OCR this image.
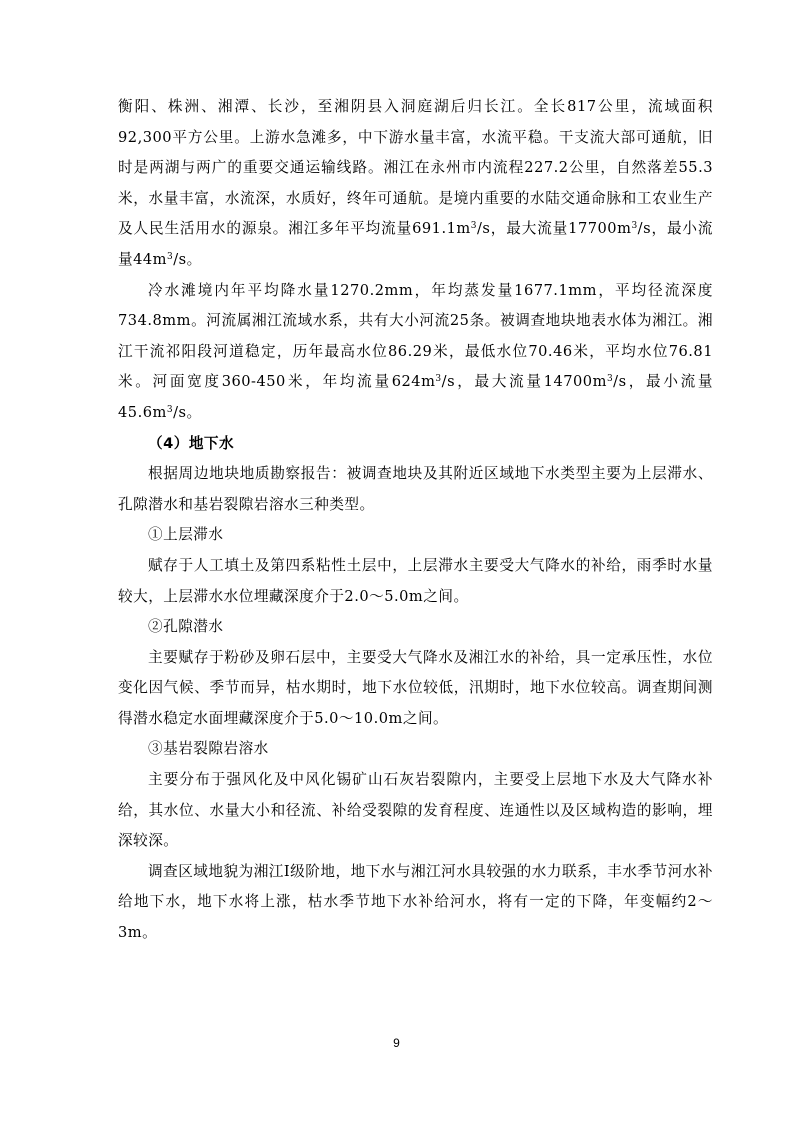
衡阳、株洲、湘潭、长沙，至湘阴县入洞庭湖后归长江。全长817公里，流域面积92,300平方公里。上游水急滩多，中下游水量丰富，水流平稳。干支流大部可通航，旧时是两湖与两广的重要交通运输线路。湘江在永州市内流程227.2公里，自然落差55.3米，水量丰富，水流深，水质好，终年可通航。是境内重要的水陆交通命脉和工农业生产及人民生活用水的源泉。湘江多年平均流量$691.1m^3/s$，最大流量$17700m^3/s$，最小流量$44m^3/s$。

冷水滩境内年平均降水量1270.2mm，年均蒸发量1677.1mm，平均径流深度734.8mm。河流属湘江流域水系，共有大小河流25条。被调查地块地表水体为湘江。湘江干流祁阳段河道稳定，历年最高水位86.29米，最低水位70.46米，平均水位76.81米。河面宽度360-450米，年均流量$624m^3/s$，最大流量$14700m^3/s$，最小流量$45.6m^3/s$。

（4）地下水

根据周边地块地质勘察报告：被调查地块及其附近区域地下水类型主要为上层滞水、孔隙潜水和基岩裂隙岩溶水三种类型。

①上层滞水

赋存于人工填土及第四系粘性土层中，上层滞水主要受大气降水的补给，雨季时水量较大，上层滞水水位埋藏深度介于2.0～5.0m之间。

②孔隙潜水

主要赋存于粉砂及卵石层中，主要受大气降水及湘江水的补给，具一定承压性，水位变化因气候、季节而异，枯水期时，地下水位较低，汛期时，地下水位较高。调查期间测得潜水稳定水面埋藏深度介于5.0～10.0m之间。

③基岩裂隙岩溶水

主要分布于强风化及中风化锡矿山石灰岩裂隙内，主要受上层地下水及大气降水补给，其水位、水量大小和径流、补给受裂隙的发育程度、连通性以及区域构造的影响，埋深较深。

调查区域地貌为湘江Ⅰ级阶地，地下水与湘江河水具较强的水力联系，丰水季节河水补给地下水，地下水将上涨，枯水季节地下水补给河水，将有一定的下降，年变幅约2～3m。

9
